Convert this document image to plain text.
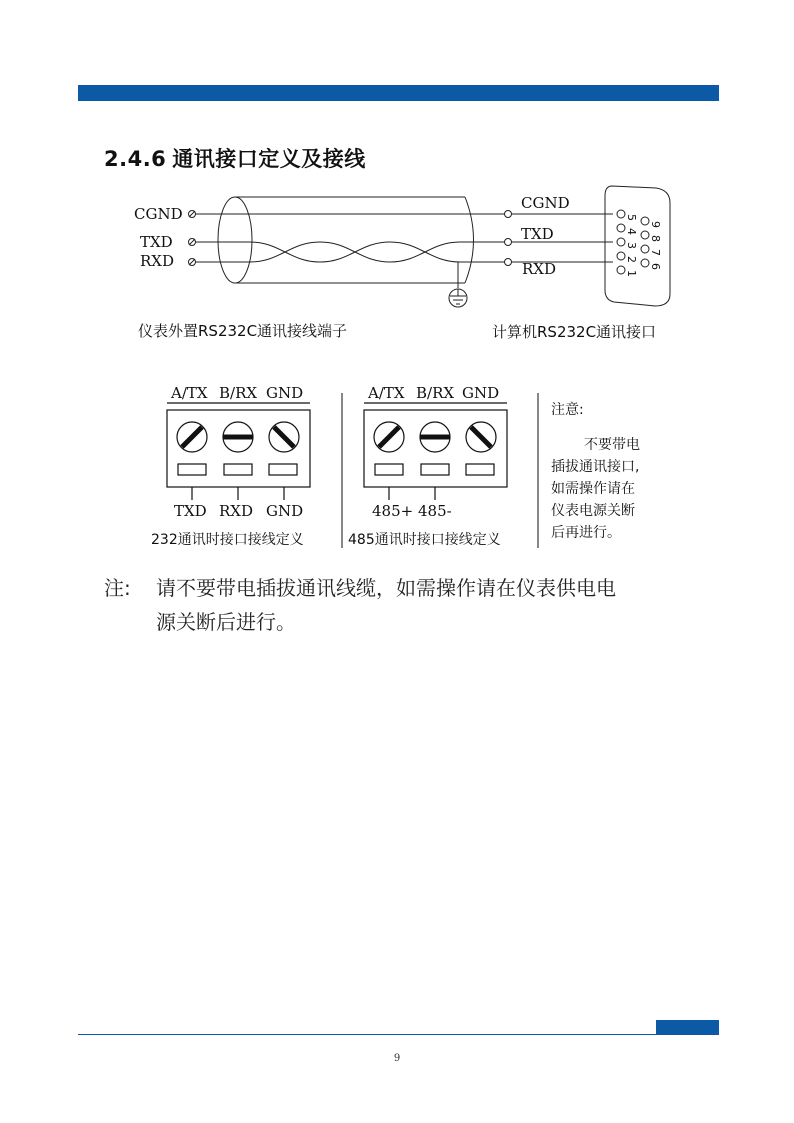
2.4.6 通讯接口定义及接线
CGND
TXD
RXD
CGND
TXD
RXD
5
4
3
2
1
9
8
7
6
仪表外置RS232C通讯接线端子	计算机RS232C通讯接口
A/TX B/RX GND
TXD RXD GND
232通讯时接口接线定义
A/TX B/RX GND
485+ 485-
485通讯时接口接线定义
注意:
不要带电
插拔通讯接口,
如需操作请在
仪表电源关断
后再进行。
注: 请不要带电插拔通讯线缆，如需操作请在仪表供电电
源关断后进行。
9
